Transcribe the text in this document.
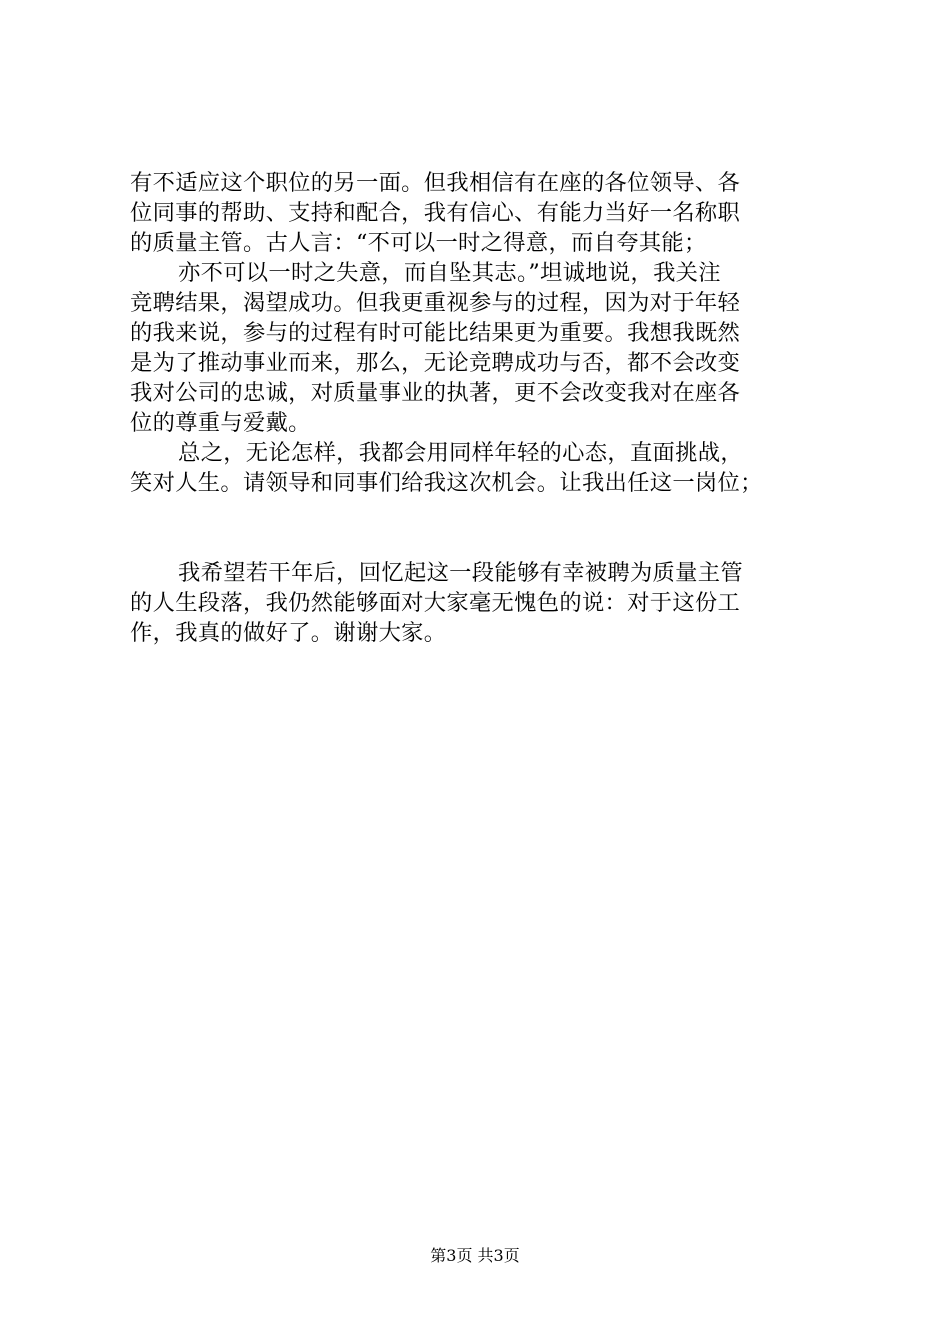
有不适应这个职位的另一面。但我相信有在座的各位领导、各
位同事的帮助、支持和配合，我有信心、有能力当好一名称职
的质量主管。古人言：“不可以一时之得意，而自夸其能；
亦不可以一时之失意，而自坠其志。”坦诚地说，我关注
竞聘结果，渴望成功。但我更重视参与的过程，因为对于年轻
的我来说，参与的过程有时可能比结果更为重要。我想我既然
是为了推动事业而来，那么，无论竞聘成功与否，都不会改变
我对公司的忠诚，对质量事业的执著，更不会改变我对在座各
位的尊重与爱戴。
总之，无论怎样，我都会用同样年轻的心态，直面挑战，
笑对人生。请领导和同事们给我这次机会。让我出任这一岗位；
我希望若干年后，回忆起这一段能够有幸被聘为质量主管
的人生段落，我仍然能够面对大家毫无愧色的说：对于这份工
作，我真的做好了。谢谢大家。
第3页 共3页
